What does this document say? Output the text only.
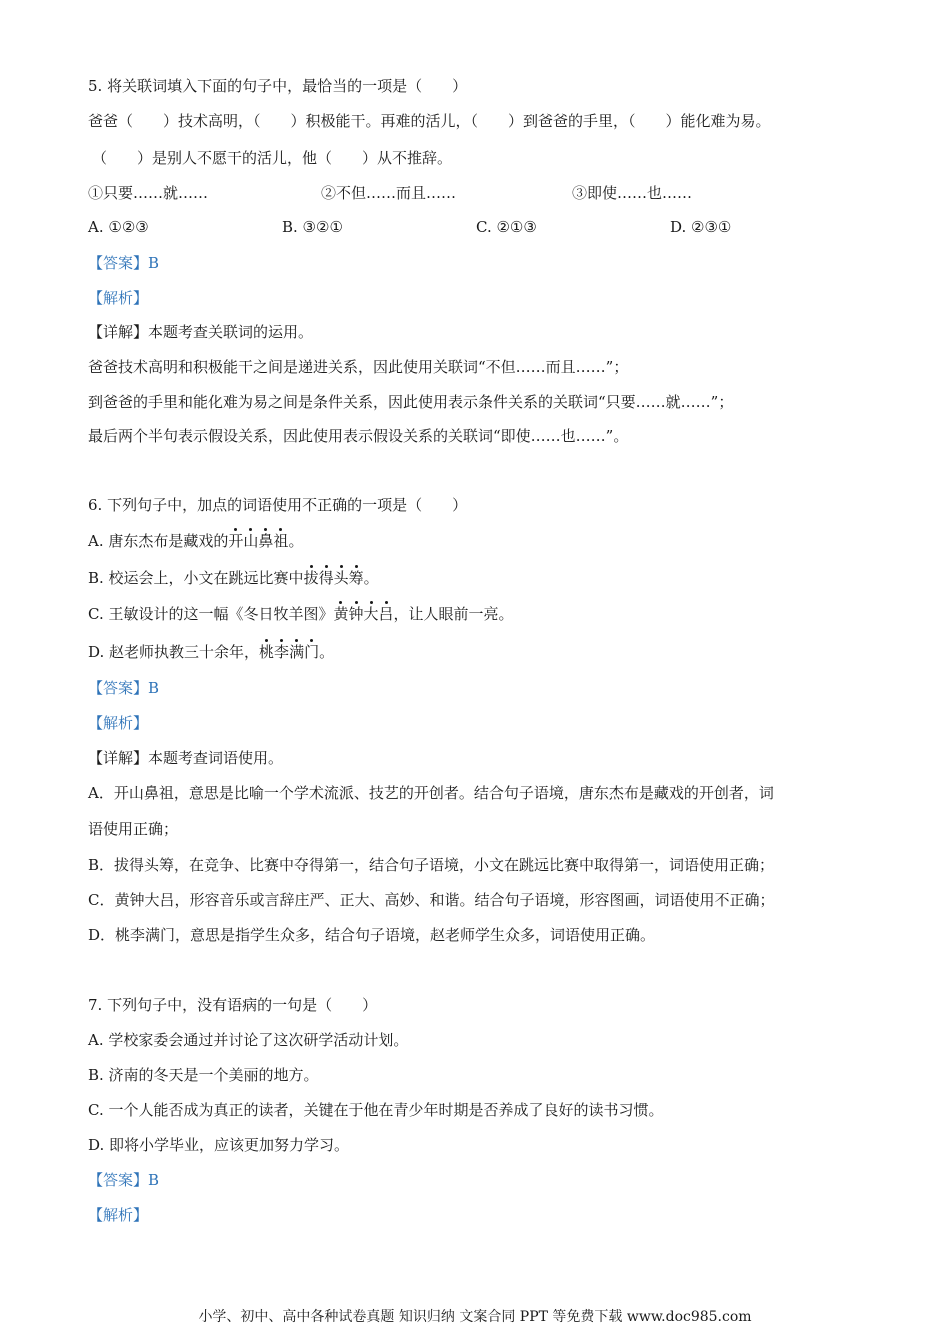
5. 将关联词填入下面的句子中，最恰当的一项是（　　）
爸爸（　　）技术高明，（　　）积极能干。再难的活儿，（　　）到爸爸的手里，（　　）能化难为易。
（　　）是别人不愿干的活儿，他（　　）从不推辞。
①只要……就……	②不但……而且……	③即使……也……
A. ①②③	B. ③②①	C. ②①③	D. ②③①
【答案】B
【解析】
【详解】本题考查关联词的运用。
爸爸技术高明和积极能干之间是递进关系，因此使用关联词“不但……而且……”；
到爸爸的手里和能化难为易之间是条件关系，因此使用表示条件关系的关联词“只要……就……”；
最后两个半句表示假设关系，因此使用表示假设关系的关联词“即使……也……”。
6. 下列句子中，加点的词语使用不正确的一项是（　　）
A. 唐东杰布是藏戏的开山鼻祖。
B. 校运会上，小文在跳远比赛中拔得头筹。
C. 王敏设计的这一幅《冬日牧羊图》黄钟大吕，让人眼前一亮。
D. 赵老师执教三十余年，桃李满门。
【答案】B
【解析】
【详解】本题考查词语使用。
A．开山鼻祖，意思是比喻一个学术流派、技艺的开创者。结合句子语境，唐东杰布是藏戏的开创者，词
语使用正确；
B．拔得头筹，在竞争、比赛中夺得第一，结合句子语境，小文在跳远比赛中取得第一，词语使用正确；
C．黄钟大吕，形容音乐或言辞庄严、正大、高妙、和谐。结合句子语境，形容图画，词语使用不正确；
D．桃李满门，意思是指学生众多，结合句子语境，赵老师学生众多，词语使用正确。
7. 下列句子中，没有语病的一句是（　　）
A. 学校家委会通过并讨论了这次研学活动计划。
B. 济南的冬天是一个美丽的地方。
C. 一个人能否成为真正的读者，关键在于他在青少年时期是否养成了良好的读书习惯。
D. 即将小学毕业，应该更加努力学习。
【答案】B
【解析】
小学、初中、高中各种试卷真题 知识归纳 文案合同 PPT 等免费下载 www.doc985.com
